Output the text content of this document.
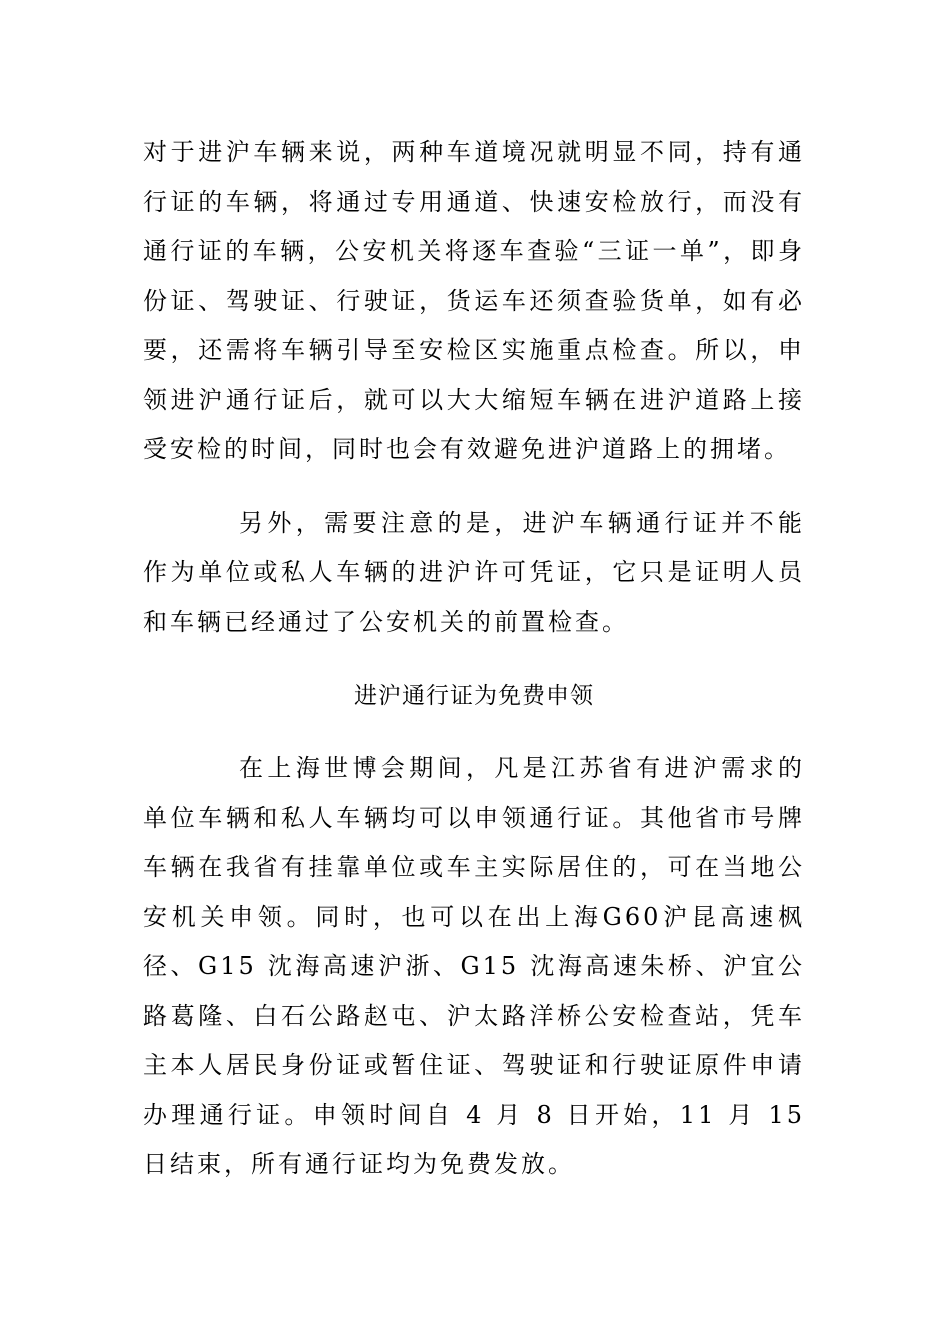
对于进沪车辆来说，两种车道境况就明显不同，持有通行证的车辆，将通过专用通道、快速安检放行，而没有通行证的车辆，公安机关将逐车查验“三证一单”，即身份证、驾驶证、行驶证，货运车还须查验货单，如有必要，还需将车辆引导至安检区实施重点检查。所以，申领进沪通行证后，就可以大大缩短车辆在进沪道路上接受安检的时间，同时也会有效避免进沪道路上的拥堵。

另外，需要注意的是，进沪车辆通行证并不能作为单位或私人车辆的进沪许可凭证，它只是证明人员和车辆已经通过了公安机关的前置检查。

进沪通行证为免费申领

在上海世博会期间，凡是江苏省有进沪需求的单位车辆和私人车辆均可以申领通行证。其他省市号牌车辆在我省有挂靠单位或车主实际居住的，可在当地公安机关申领。同时，也可以在出上海G60沪昆高速枫径、G15 沈海高速沪浙、G15 沈海高速朱桥、沪宜公路葛隆、白石公路赵屯、沪太路洋桥公安检查站，凭车主本人居民身份证或暂住证、驾驶证和行驶证原件申请办理通行证。申领时间自 4 月 8 日开始，11 月 15 日结束，所有通行证均为免费发放。
